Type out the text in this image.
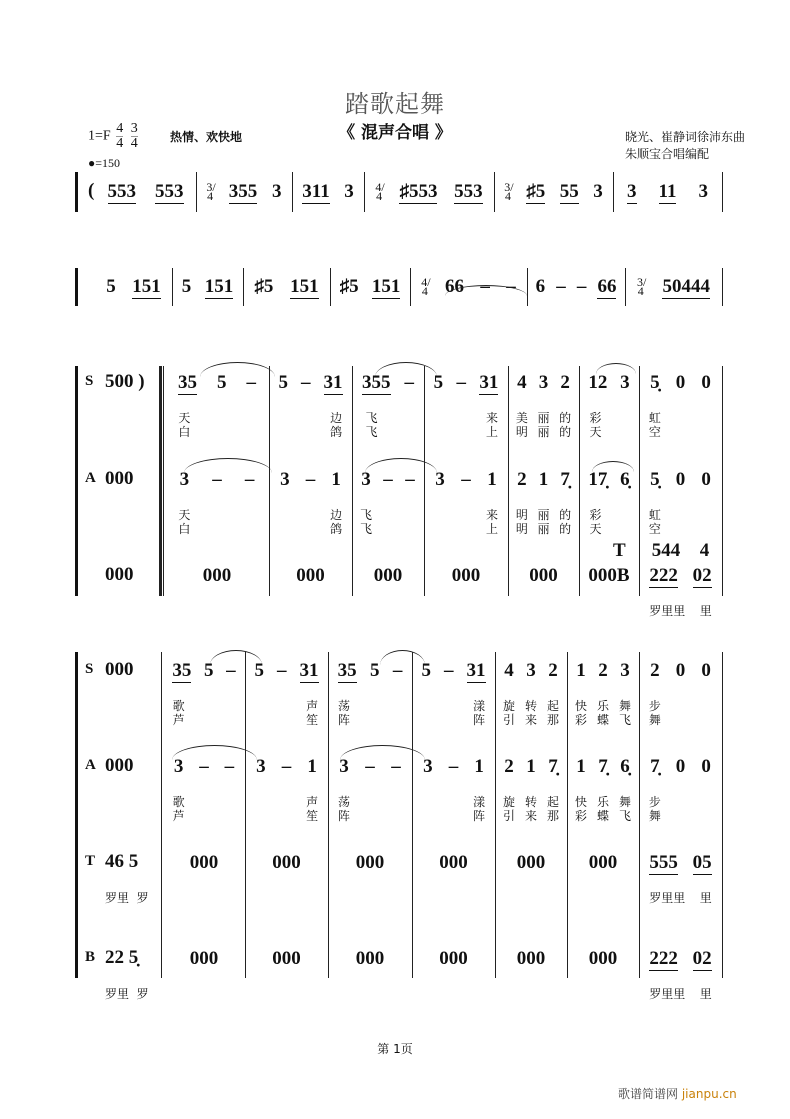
踏歌起舞
《 混声合唱 》
$1=F \frac{4}{4}$
$\frac{3}{4}$	热情、欢快地	晓光、崔静词徐沛东曲
朱顺宝合唱编配
●=150
( 553 553 3/4 355 3 311 3 4/4 ♯553 553 3/4 ♯5 55 3 3 11 3
5 151 5 151 ♯5 151 ♯5 151 4/4 66 – – 6 – – 66 3/4 50444
S 500 ) 35 5 –
天
白
5 – 31
边
鸽
355 –
飞
飞
5 – 31
来
上
4 3 2
美 丽 的
明 丽 的
12 3
彩
天
5̣ 0 0
虹
空
A 000 3 – –
天
白
3 – 1
边
鸽
3 – –
飞
飞
3 – 1
来
上
2 1 7̣
明 丽 的
明 丽 的
17̣ 6̣
彩
天
5̣ 0 0
虹
空
T 544 4
000	000	000	000	000	000 000B 222 02
罗里里 里
S 000 35 5 –
歌
芦
5 – 31
声
笙
35 5 –
荡
阵
5 – 31
漾
阵
4 3 2
旋 转 起
引 来 那
1 2 3
快 乐 舞
彩 蝶 飞
2 0 0
步
舞
A 000 3 – –
歌
芦
3 – 1
声
笙
3 – –
荡
阵
3 – 1
漾
阵
2 1 7̣
旋 转 起
引 来 那
1 7̣ 6̣
快 乐 舞
彩 蝶 飞
7̣ 0 0
步
舞
T 46 5
罗里  罗
000	000	000	000	000 000 555 05
罗里里 里
B 22 5̣
罗里  罗
000	000	000	000	000 000 222 02
罗里里 里
第 1页
歌谱简谱网 jianpu.cn
